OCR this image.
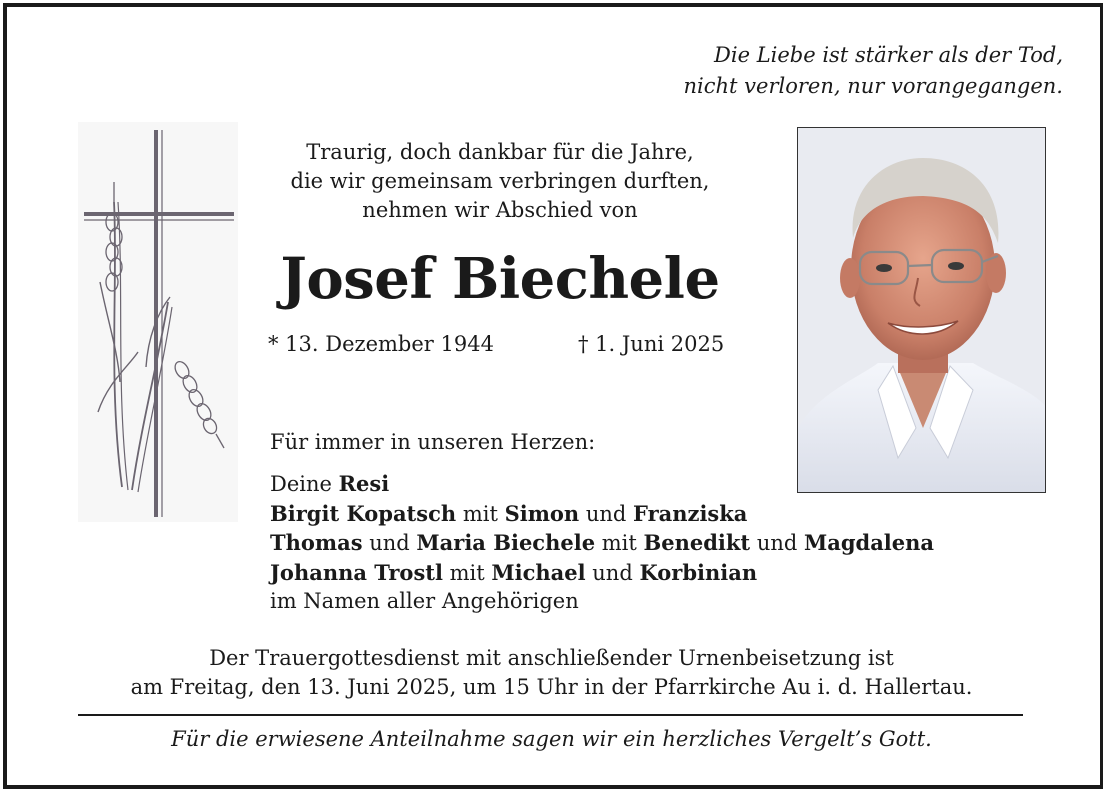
Die Liebe ist stärker als der Tod,
nicht verloren, nur vorangegangen.
Traurig, doch dankbar für die Jahre,
die wir gemeinsam verbringen durften,
nehmen wir Abschied von
Josef Biechele
* 13. Dezember 1944	† 1. Juni 2025
Für immer in unseren Herzen:
Deine Resi
Birgit Kopatsch mit Simon und Franziska
Thomas und Maria Biechele mit Benedikt und Magdalena
Johanna Trostl mit Michael und Korbinian
im Namen aller Angehörigen
Der Trauergottesdienst mit anschließender Urnenbeisetzung ist
am Freitag, den 13. Juni 2025, um 15 Uhr in der Pfarrkirche Au i. d. Hallertau.
Für die erwiesene Anteilnahme sagen wir ein herzliches Vergelt’s Gott.
